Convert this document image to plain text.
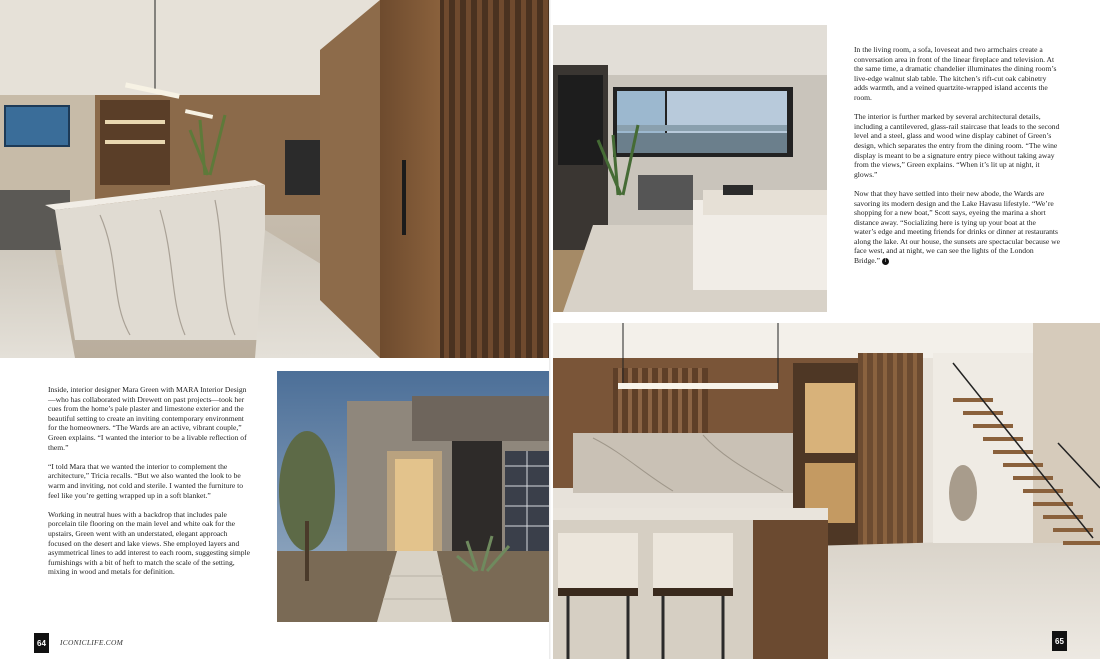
Inside, interior designer Mara Green with MARA Interior Design —who has collaborated with Drewett on past projects—took her cues from the home’s pale plaster and limestone exterior and the beautiful setting to create an inviting contemporary environment for the homeowners. “The Wards are an active, vibrant couple,” Green explains. “I wanted the interior to be a livable reflection of them.”

“I told Mara that we wanted the interior to complement the architecture,” Tricia recalls. “But we also wanted the look to be warm and inviting, not cold and sterile. I wanted the furniture to feel like you’re getting wrapped up in a soft blanket.”

Working in neutral hues with a backdrop that includes pale porcelain tile flooring on the main level and white oak for the upstairs, Green went with an understated, elegant approach focused on the desert and lake views. She employed layers and asymmetrical lines to add interest to each room, suggesting simple furnishings with a bit of heft to match the scale of the setting, mixing in wood and metals for definition.

64	ICONICLIFE.COM

In the living room, a sofa, loveseat and two armchairs create a conversation area in front of the linear fireplace and television. At the same time, a dramatic chandelier illuminates the dining room’s live-edge walnut slab table. The kitchen’s rift-cut oak cabinetry adds warmth, and a veined quartzite-wrapped island accents the room.

The interior is further marked by several architectural details, including a cantilevered, glass-rail staircase that leads to the second level and a steel, glass and wood wine display cabinet of Green’s design, which separates the entry from the dining room. “The wine display is meant to be a signature entry piece without taking away from the views,” Green explains. “When it’s lit up at night, it glows.”

Now that they have settled into their new abode, the Wards are savoring its modern design and the Lake Havasu lifestyle. “We’re shopping for a new boat,” Scott says, eyeing the marina a short distance away. “Socializing here is tying up your boat at the water’s edge and meeting friends for drinks or dinner at restaurants along the lake. At our house, the sunsets are spectacular because we face west, and at night, we can see the lights of the London Bridge.” I

ICONICLIFE.COM 65
